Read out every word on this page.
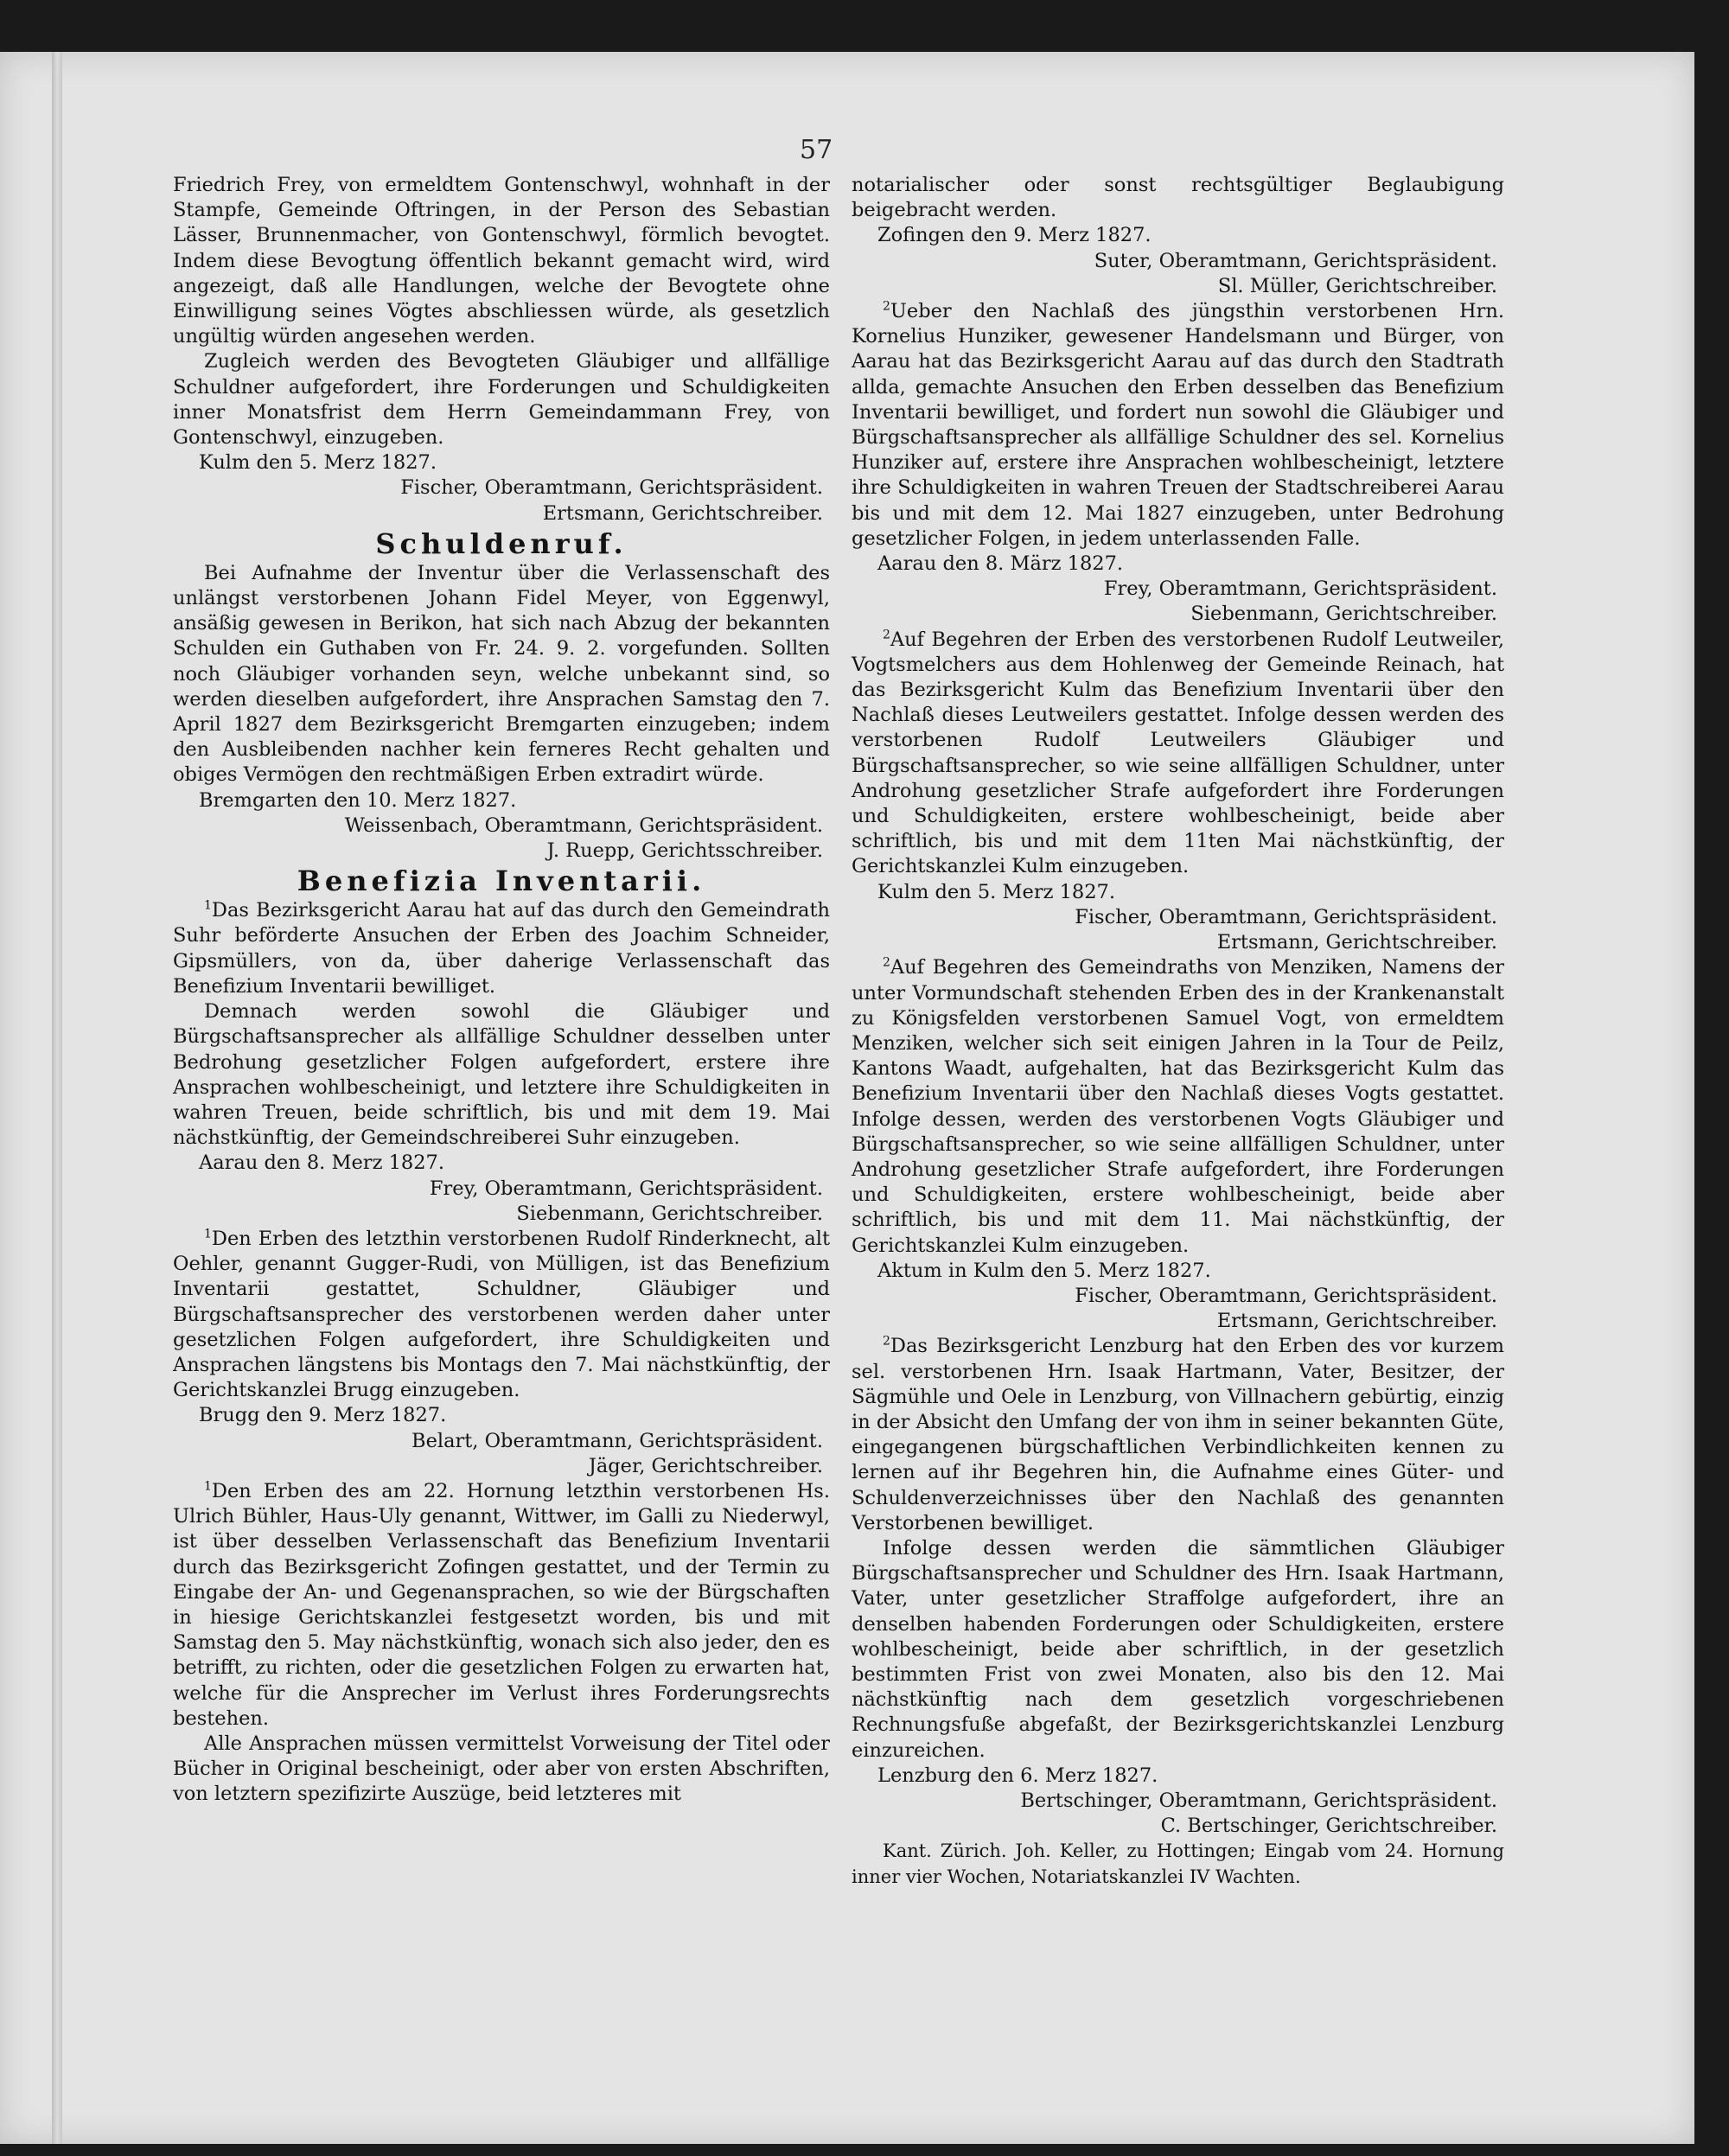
57

Friedrich Frey, von ermeldtem Gontenschwyl, wohnhaft in der Stampfe, Gemeinde Oftringen, in der Person des Sebastian Lässer, Brunnenmacher, von Gontenschwyl, förmlich bevogtet. Indem diese Bevogtung öffentlich bekannt gemacht wird, wird angezeigt, daß alle Handlungen, welche der Bevogtete ohne Einwilligung seines Vögtes abschliessen würde, als gesetzlich ungültig würden angesehen werden.

Zugleich werden des Bevogteten Gläubiger und allfällige Schuldner aufgefordert, ihre Forderungen und Schuldigkeiten inner Monatsfrist dem Herrn Gemeindammann Frey, von Gontenschwyl, einzugeben.

Kulm den 5. Merz 1827.

Fischer, Oberamtmann, Gerichtspräsident.

Ertsmann, Gerichtschreiber.

Schuldenruf.

Bei Aufnahme der Inventur über die Verlassenschaft des unlängst verstorbenen Johann Fidel Meyer, von Eggenwyl, ansäßig gewesen in Berikon, hat sich nach Abzug der bekannten Schulden ein Guthaben von Fr. 24. 9. 2. vorgefunden. Sollten noch Gläubiger vorhanden seyn, welche unbekannt sind, so werden dieselben aufgefordert, ihre Ansprachen Samstag den 7. April 1827 dem Bezirksgericht Bremgarten einzugeben; indem den Ausbleibenden nachher kein ferneres Recht gehalten und obiges Vermögen den rechtmäßigen Erben extradirt würde.

Bremgarten den 10. Merz 1827.

Weissenbach, Oberamtmann, Gerichtspräsident.

J. Ruepp, Gerichtsschreiber.

Benefizia Inventarii.

$^1$Das Bezirksgericht Aarau hat auf das durch den Gemeindrath Suhr beförderte Ansuchen der Erben des Joachim Schneider, Gipsmüllers, von da, über daherige Verlassenschaft das Benefizium Inventarii bewilliget.

Demnach werden sowohl die Gläubiger und Bürgschaftsansprecher als allfällige Schuldner desselben unter Bedrohung gesetzlicher Folgen aufgefordert, erstere ihre Ansprachen wohlbescheinigt, und letztere ihre Schuldigkeiten in wahren Treuen, beide schriftlich, bis und mit dem 19. Mai nächstkünftig, der Gemeindschreiberei Suhr einzugeben.

Aarau den 8. Merz 1827.

Frey, Oberamtmann, Gerichtspräsident.

Siebenmann, Gerichtschreiber.

$^1$Den Erben des letzthin verstorbenen Rudolf Rinderknecht, alt Oehler, genannt Gugger-Rudi, von Mülligen, ist das Benefizium Inventarii gestattet, Schuldner, Gläubiger und Bürgschaftsansprecher des verstorbenen werden daher unter gesetzlichen Folgen aufgefordert, ihre Schuldigkeiten und Ansprachen längstens bis Montags den 7. Mai nächstkünftig, der Gerichtskanzlei Brugg einzugeben.

Brugg den 9. Merz 1827.

Belart, Oberamtmann, Gerichtspräsident.

Jäger, Gerichtschreiber.

$^1$Den Erben des am 22. Hornung letzthin verstorbenen Hs. Ulrich Bühler, Haus-Uly genannt, Wittwer, im Galli zu Niederwyl, ist über desselben Verlassenschaft das Benefizium Inventarii durch das Bezirksgericht Zofingen gestattet, und der Termin zu Eingabe der An- und Gegenansprachen, so wie der Bürgschaften in hiesige Gerichtskanzlei festgesetzt worden, bis und mit Samstag den 5. May nächstkünftig, wonach sich also jeder, den es betrifft, zu richten, oder die gesetzlichen Folgen zu erwarten hat, welche für die Ansprecher im Verlust ihres Forderungsrechts bestehen.

Alle Ansprachen müssen vermittelst Vorweisung der Titel oder Bücher in Original bescheinigt, oder aber von ersten Abschriften, von letztern spezifizirte Auszüge, beid letzteres mit

notarialischer oder sonst rechtsgültiger Beglaubigung beigebracht werden.

Zofingen den 9. Merz 1827.

Suter, Oberamtmann, Gerichtspräsident.

Sl. Müller, Gerichtschreiber.

$^2$Ueber den Nachlaß des jüngsthin verstorbenen Hrn. Kornelius Hunziker, gewesener Handelsmann und Bürger, von Aarau hat das Bezirksgericht Aarau auf das durch den Stadtrath allda, gemachte Ansuchen den Erben desselben das Benefizium Inventarii bewilliget, und fordert nun sowohl die Gläubiger und Bürgschaftsansprecher als allfällige Schuldner des sel. Kornelius Hunziker auf, erstere ihre Ansprachen wohlbescheinigt, letztere ihre Schuldigkeiten in wahren Treuen der Stadtschreiberei Aarau bis und mit dem 12. Mai 1827 einzugeben, unter Bedrohung gesetzlicher Folgen, in jedem unterlassenden Falle.

Aarau den 8. März 1827.

Frey, Oberamtmann, Gerichtspräsident.

Siebenmann, Gerichtschreiber.

$^2$Auf Begehren der Erben des verstorbenen Rudolf Leutweiler, Vogtsmelchers aus dem Hohlenweg der Gemeinde Reinach, hat das Bezirksgericht Kulm das Benefizium Inventarii über den Nachlaß dieses Leutweilers gestattet. Infolge dessen werden des verstorbenen Rudolf Leutweilers Gläubiger und Bürgschaftsansprecher, so wie seine allfälligen Schuldner, unter Androhung gesetzlicher Strafe aufgefordert ihre Forderungen und Schuldigkeiten, erstere wohlbescheinigt, beide aber schriftlich, bis und mit dem 11ten Mai nächstkünftig, der Gerichtskanzlei Kulm einzugeben.

Kulm den 5. Merz 1827.

Fischer, Oberamtmann, Gerichtspräsident.

Ertsmann, Gerichtschreiber.

$^2$Auf Begehren des Gemeindraths von Menziken, Namens der unter Vormundschaft stehenden Erben des in der Krankenanstalt zu Königsfelden verstorbenen Samuel Vogt, von ermeldtem Menziken, welcher sich seit einigen Jahren in la Tour de Peilz, Kantons Waadt, aufgehalten, hat das Bezirksgericht Kulm das Benefizium Inventarii über den Nachlaß dieses Vogts gestattet. Infolge dessen, werden des verstorbenen Vogts Gläubiger und Bürgschaftsansprecher, so wie seine allfälligen Schuldner, unter Androhung gesetzlicher Strafe aufgefordert, ihre Forderungen und Schuldigkeiten, erstere wohlbescheinigt, beide aber schriftlich, bis und mit dem 11. Mai nächstkünftig, der Gerichtskanzlei Kulm einzugeben.

Aktum in Kulm den 5. Merz 1827.

Fischer, Oberamtmann, Gerichtspräsident.

Ertsmann, Gerichtschreiber.

$^2$Das Bezirksgericht Lenzburg hat den Erben des vor kurzem sel. verstorbenen Hrn. Isaak Hartmann, Vater, Besitzer, der Sägmühle und Oele in Lenzburg, von Villnachern gebürtig, einzig in der Absicht den Umfang der von ihm in seiner bekannten Güte, eingegangenen bürgschaftlichen Verbindlichkeiten kennen zu lernen auf ihr Begehren hin, die Aufnahme eines Güter- und Schuldenverzeichnisses über den Nachlaß des genannten Verstorbenen bewilliget.

Infolge dessen werden die sämmtlichen Gläubiger Bürgschaftsansprecher und Schuldner des Hrn. Isaak Hartmann, Vater, unter gesetzlicher Straffolge aufgefordert, ihre an denselben habenden Forderungen oder Schuldigkeiten, erstere wohlbescheinigt, beide aber schriftlich, in der gesetzlich bestimmten Frist von zwei Monaten, also bis den 12. Mai nächstkünftig nach dem gesetzlich vorgeschriebenen Rechnungsfuße abgefaßt, der Bezirksgerichtskanzlei Lenzburg einzureichen.

Lenzburg den 6. Merz 1827.

Bertschinger, Oberamtmann, Gerichtspräsident.

C. Bertschinger, Gerichtschreiber.

Kant. Zürich. Joh. Keller, zu Hottingen; Eingab vom 24. Hornung inner vier Wochen, Notariatskanzlei IV Wachten.
